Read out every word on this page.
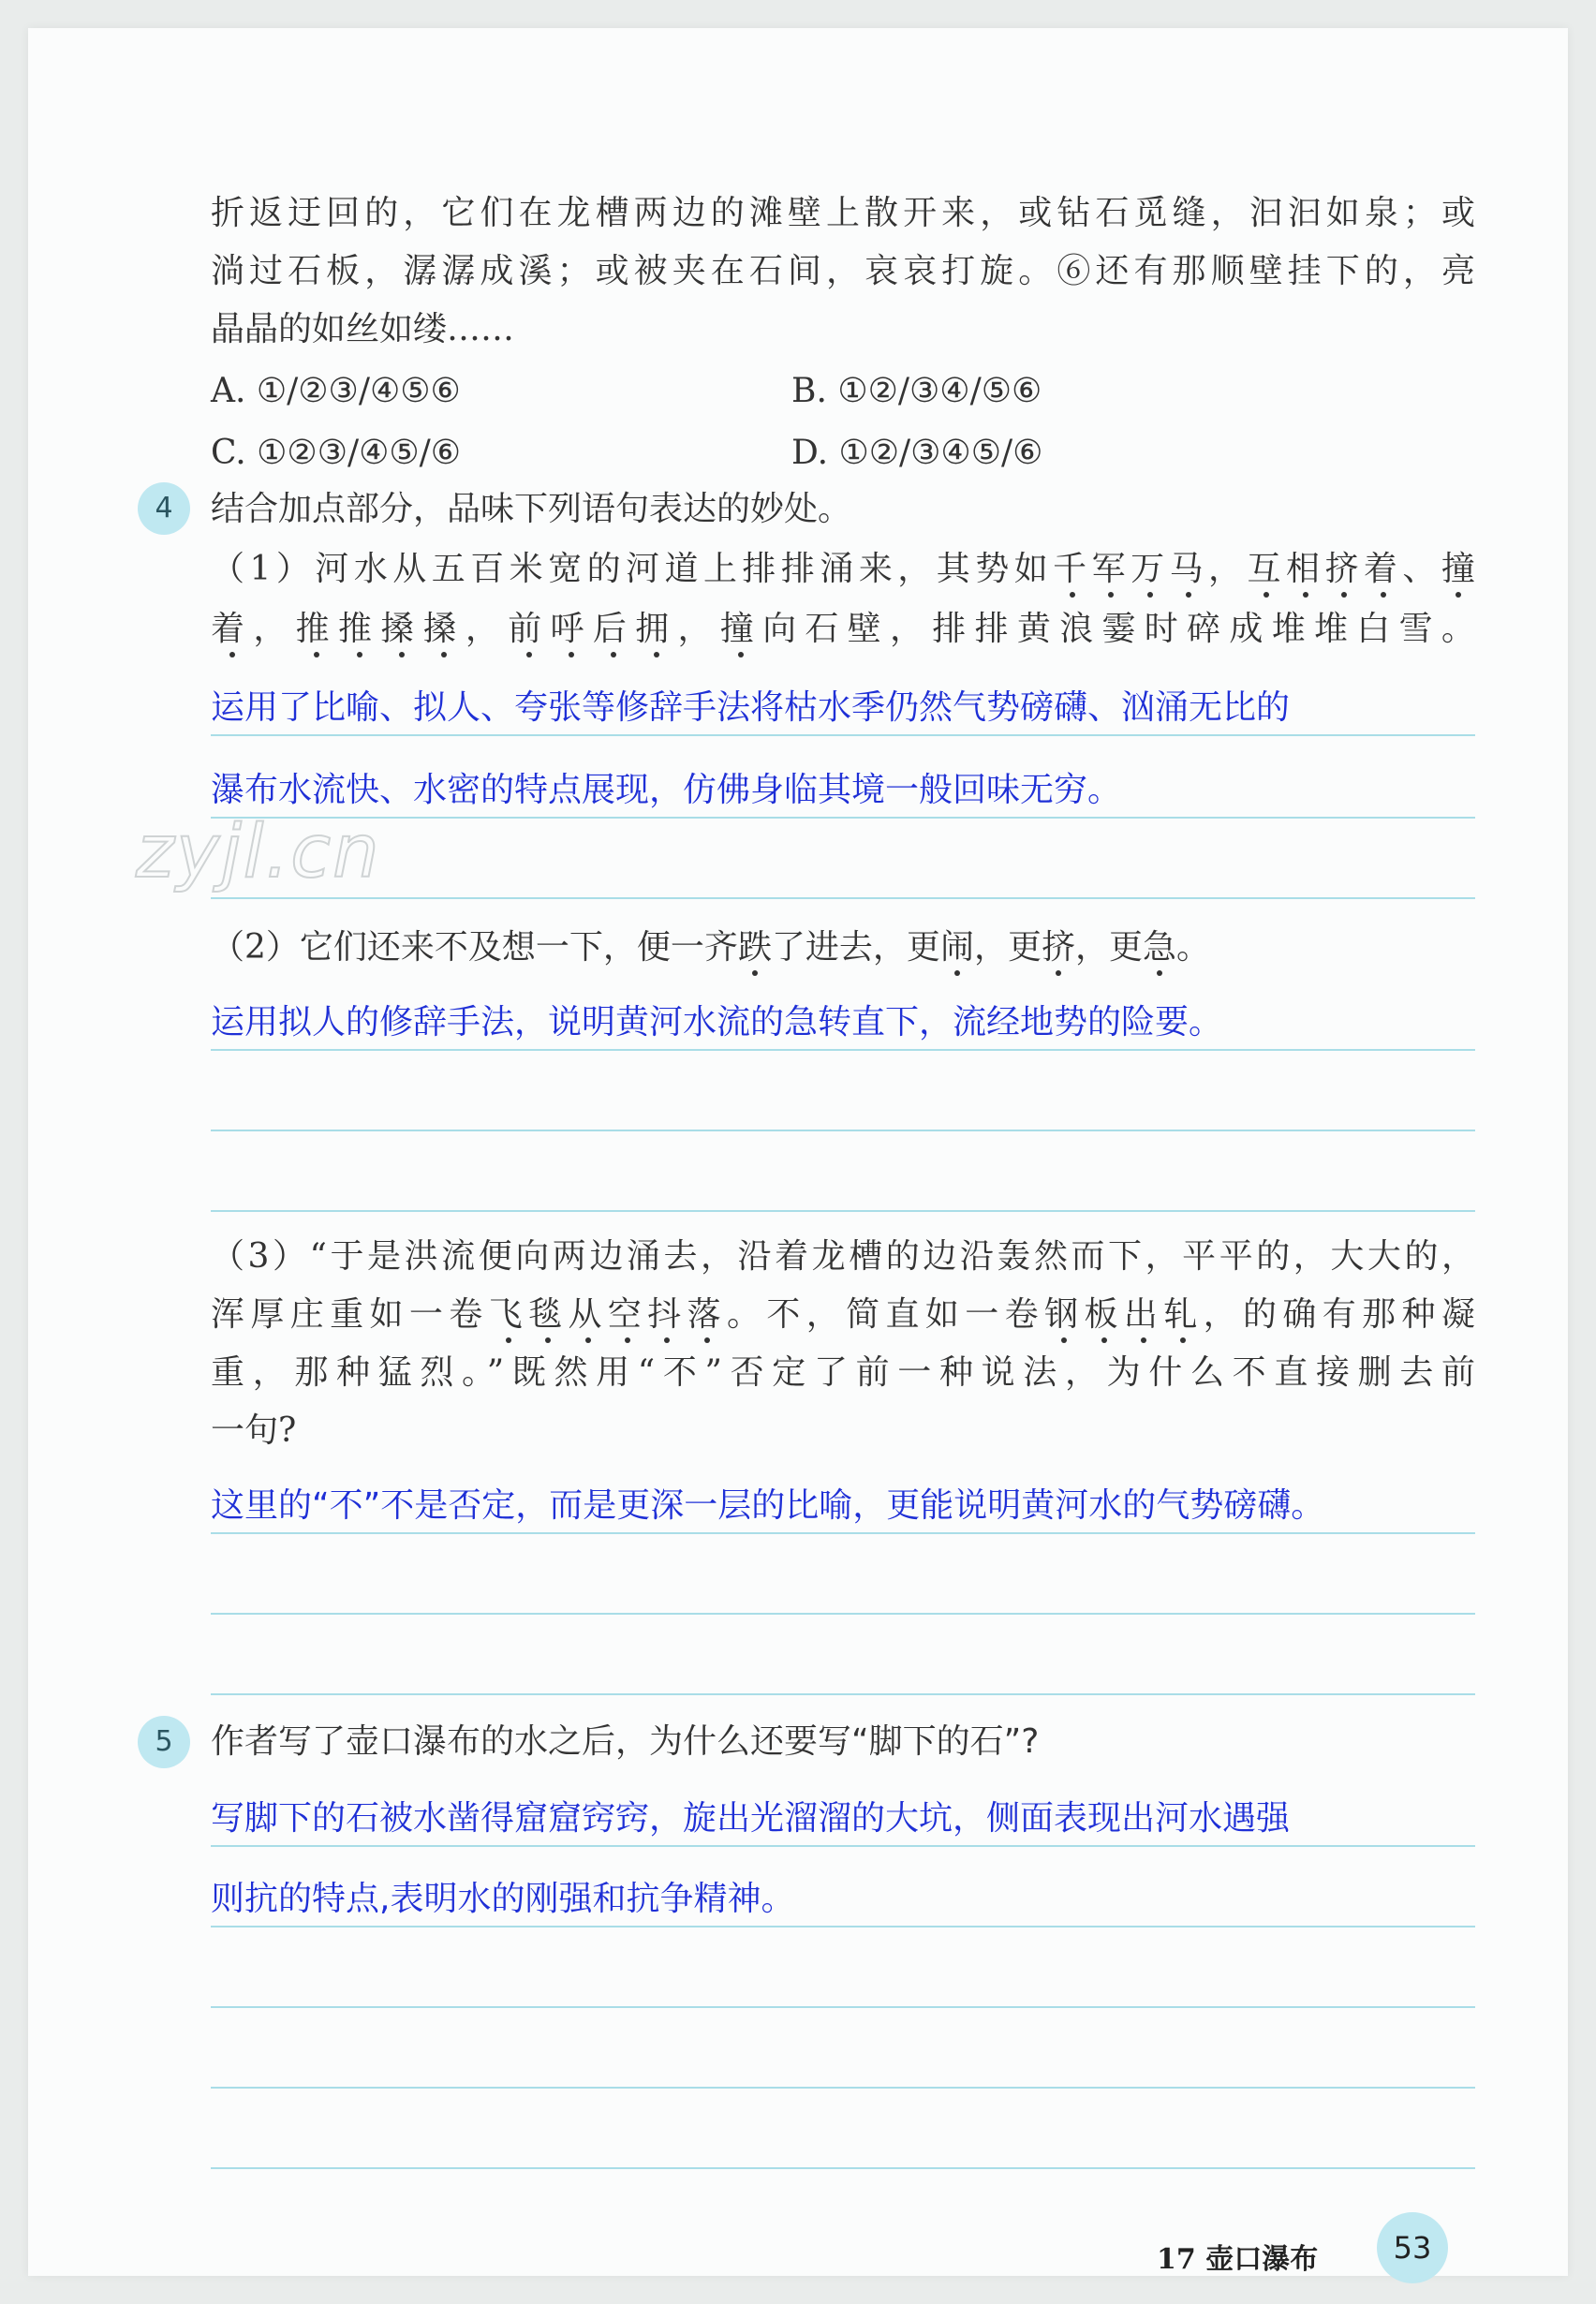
折返迂回的，它们在龙槽两边的滩壁上散开来，或钻石觅缝，汩汩如泉；或
淌过石板，潺潺成溪；或被夹在石间，哀哀打旋。⑥还有那顺壁挂下的，亮
晶晶的如丝如缕……
A. ①/②③/④⑤⑥	B. ①②/③④/⑤⑥
C. ①②③/④⑤/⑥	D. ①②/③④⑤/⑥
4	结合加点部分，品味下列语句表达的妙处。
（1）河水从五百米宽的河道上排排涌来，其势如千军万马，互相挤着、撞
着，推推搡搡，前呼后拥，撞向石壁，排排黄浪霎时碎成堆堆白雪。
运用了比喻、拟人、夸张等修辞手法将枯水季仍然气势磅礴、汹涌无比的
瀑布水流快、水密的特点展现，仿佛身临其境一般回味无穷。
zyjl.cn
（2）它们还来不及想一下，便一齐跌了进去，更闹，更挤，更急。
运用拟人的修辞手法，说明黄河水流的急转直下，流经地势的险要。
（3）“于是洪流便向两边涌去，沿着龙槽的边沿轰然而下，平平的，大大的，
浑厚庄重如一卷飞毯从空抖落。不，简直如一卷钢板出轧，的确有那种凝
重，那种猛烈。”既然用“不”否定了前一种说法，为什么不直接删去前
一句?
这里的“不”不是否定，而是更深一层的比喻，更能说明黄河水的气势磅礴。
5	作者写了壶口瀑布的水之后，为什么还要写“脚下的石”?
写脚下的石被水凿得窟窟窍窍，旋出光溜溜的大坑，侧面表现出河水遇强
则抗的特点,表明水的刚强和抗争精神。
17 壶口瀑布	53
